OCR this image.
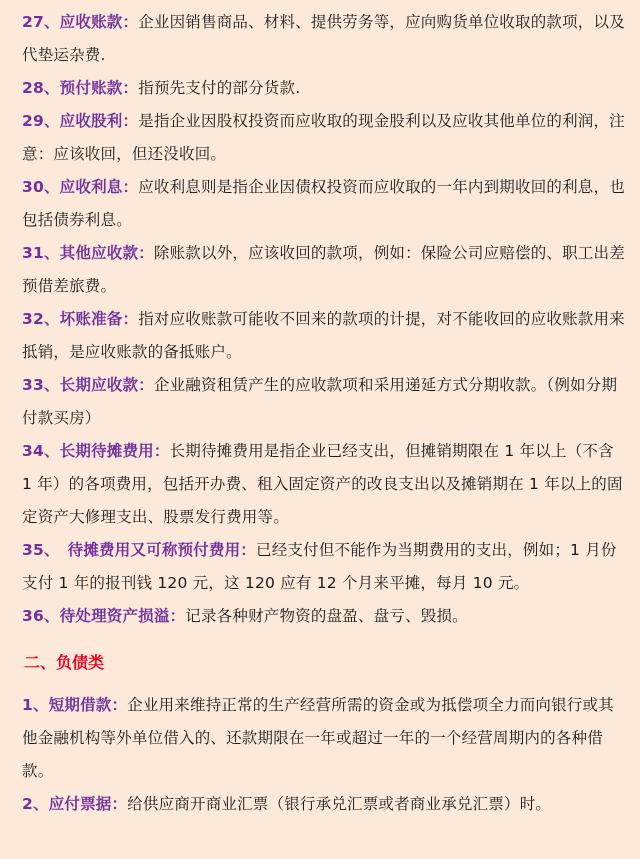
27、应收账款：企业因销售商品、材料、提供劳务等，应向购货单位收取的款项，以及代垫运杂费.

28、预付账款：指预先支付的部分货款.

29、应收股利：是指企业因股权投资而应收取的现金股利以及应收其他单位的利润，注意：应该收回，但还没收回。

30、应收利息：应收利息则是指企业因债权投资而应收取的一年内到期收回的利息，也包括债券利息。

31、其他应收款：除账款以外，应该收回的款项，例如：保险公司应赔偿的、职工出差预借差旅费。

32、坏账准备：指对应收账款可能收不回来的款项的计提，对不能收回的应收账款用来抵销，是应收账款的备抵账户。

33、长期应收款：企业融资租赁产生的应收款项和采用递延方式分期收款。（例如分期付款买房）

34、长期待摊费用：长期待摊费用是指企业已经支出，但摊销期限在 1 年以上（不含 1 年）的各项费用，包括开办费、租入固定资产的改良支出以及摊销期在 1 年以上的固定资产大修理支出、股票发行费用等。

35、　待摊费用又可称预付费用：已经支付但不能作为当期费用的支出，例如；1 月份支付 1 年的报刊钱 120 元，这 120 应有 12 个月来平摊，每月 10 元。

36、待处理资产损溢：记录各种财产物资的盘盈、盘亏、毁损。

二、负债类

1、短期借款：企业用来维持正常的生产经营所需的资金或为抵偿项全力而向银行或其他金融机构等外单位借入的、还款期限在一年或超过一年的一个经营周期内的各种借款。

2、应付票据：给供应商开商业汇票（银行承兑汇票或者商业承兑汇票）时。
